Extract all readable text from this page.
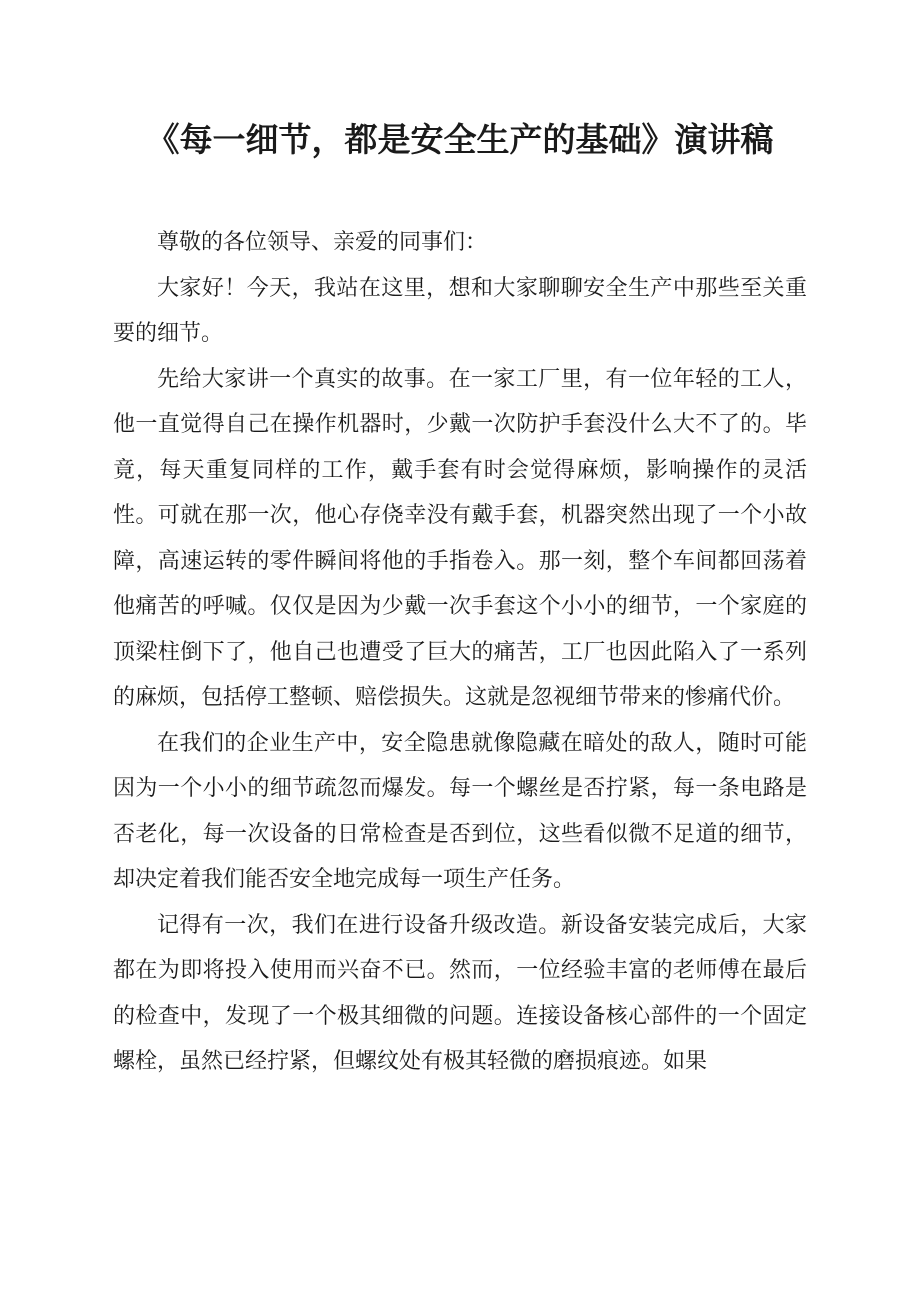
《每一细节，都是安全生产的基础》演讲稿

尊敬的各位领导、亲爱的同事们：

大家好！今天，我站在这里，想和大家聊聊安全生产中那些至关重要的细节。

先给大家讲一个真实的故事。在一家工厂里，有一位年轻的工人，他一直觉得自己在操作机器时，少戴一次防护手套没什么大不了的。毕竟，每天重复同样的工作，戴手套有时会觉得麻烦，影响操作的灵活性。可就在那一次，他心存侥幸没有戴手套，机器突然出现了一个小故障，高速运转的零件瞬间将他的手指卷入。那一刻，整个车间都回荡着他痛苦的呼喊。仅仅是因为少戴一次手套这个小小的细节，一个家庭的顶梁柱倒下了，他自己也遭受了巨大的痛苦，工厂也因此陷入了一系列的麻烦，包括停工整顿、赔偿损失。这就是忽视细节带来的惨痛代价。

在我们的企业生产中，安全隐患就像隐藏在暗处的敌人，随时可能因为一个小小的细节疏忽而爆发。每一个螺丝是否拧紧，每一条电路是否老化，每一次设备的日常检查是否到位，这些看似微不足道的细节，却决定着我们能否安全地完成每一项生产任务。

记得有一次，我们在进行设备升级改造。新设备安装完成后，大家都在为即将投入使用而兴奋不已。然而，一位经验丰富的老师傅在最后的检查中，发现了一个极其细微的问题。连接设备核心部件的一个固定螺栓，虽然已经拧紧，但螺纹处有极其轻微的磨损痕迹。如果
